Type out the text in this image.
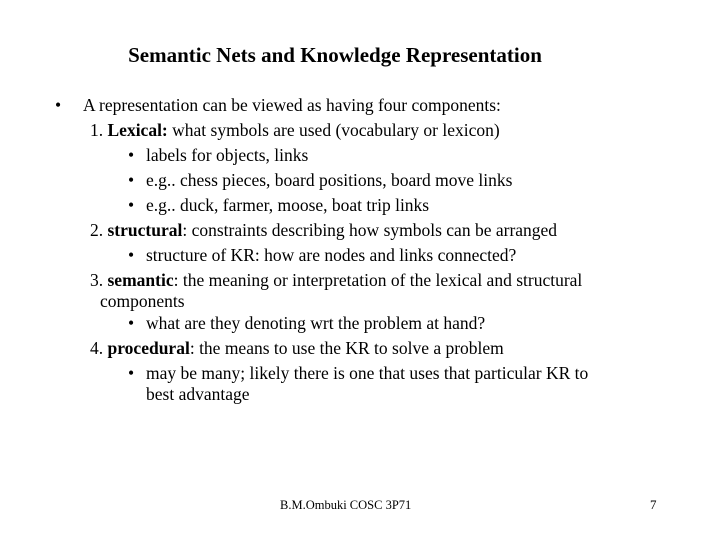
Semantic Nets and Knowledge Representation
• A representation can be viewed as having four components:
1. Lexical: what symbols are used (vocabulary or lexicon)
• labels for objects, links
• e.g.. chess pieces, board positions, board move links
• e.g.. duck, farmer, moose, boat trip links
2. structural: constraints describing how symbols can be arranged
• structure of KR: how are nodes and links connected?
3. semantic: the meaning or interpretation of the lexical and structural
components
• what are they denoting wrt the problem at hand?
4. procedural: the means to use the KR to solve a problem
• may be many; likely there is one that uses that particular KR to
best advantage
B.M.Ombuki COSC 3P71	7
